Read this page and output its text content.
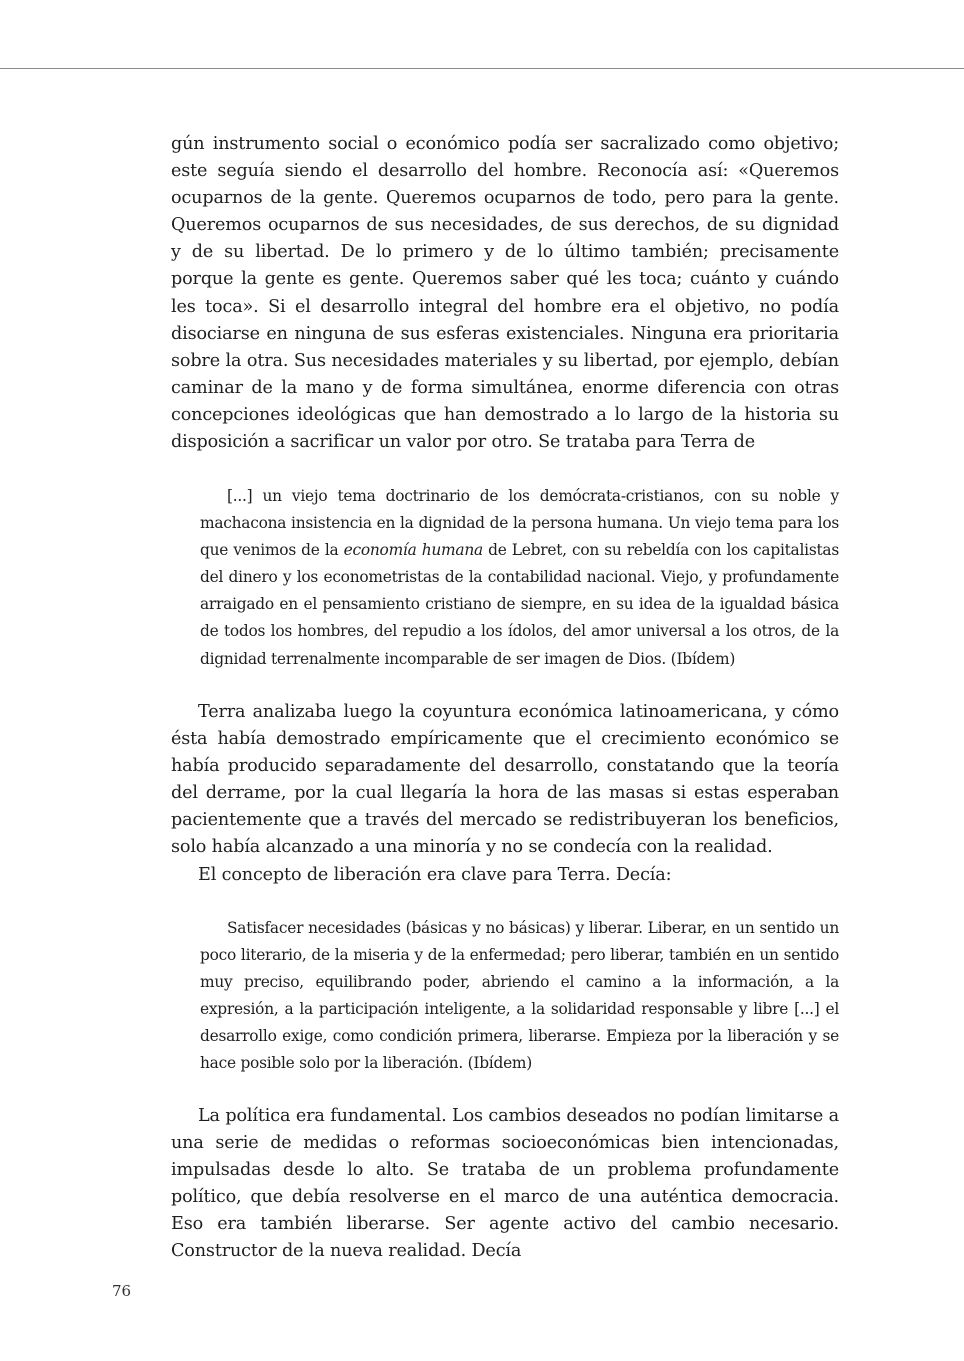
gún instrumento social o económico podía ser sacralizado como objetivo; este seguía siendo el desarrollo del hombre. Reconocía así: «Queremos ocuparnos de la gente. Queremos ocuparnos de todo, pero para la gente. Queremos ocuparnos de sus necesidades, de sus derechos, de su dignidad y de su libertad. De lo primero y de lo último también; precisamente porque la gente es gente. Queremos saber qué les toca; cuánto y cuándo les toca». Si el desarrollo integral del hombre era el objetivo, no podía disociarse en ninguna de sus esferas existenciales. Ninguna era prioritaria sobre la otra. Sus necesidades materiales y su libertad, por ejemplo, debían caminar de la mano y de forma simultánea, enorme diferencia con otras concepciones ideológicas que han demostrado a lo largo de la historia su disposición a sacrificar un valor por otro. Se trataba para Terra de

[...] un viejo tema doctrinario de los demócrata-cristianos, con su noble y machacona insistencia en la dignidad de la persona humana. Un viejo tema para los que venimos de la economía humana de Lebret, con su rebeldía con los capitalistas del dinero y los econometristas de la contabilidad nacional. Viejo, y profundamente arraigado en el pensamiento cristiano de siempre, en su idea de la igualdad básica de todos los hombres, del repudio a los ídolos, del amor universal a los otros, de la dignidad terrenalmente incomparable de ser imagen de Dios. (Ibídem)

Terra analizaba luego la coyuntura económica latinoamericana, y cómo ésta había demostrado empíricamente que el crecimiento económico se había producido separadamente del desarrollo, constatando que la teoría del derrame, por la cual llegaría la hora de las masas si estas esperaban pacientemente que a través del mercado se redistribuyeran los beneficios, solo había alcanzado a una minoría y no se condecía con la realidad.

El concepto de liberación era clave para Terra. Decía:

Satisfacer necesidades (básicas y no básicas) y liberar. Liberar, en un sentido un poco literario, de la miseria y de la enfermedad; pero liberar, también en un sentido muy preciso, equilibrando poder, abriendo el camino a la información, a la expresión, a la participación inteligente, a la solidaridad responsable y libre [...] el desarrollo exige, como condición primera, liberarse. Empieza por la liberación y se hace posible solo por la liberación. (Ibídem)

La política era fundamental. Los cambios deseados no podían limitarse a una serie de medidas o reformas socioeconómicas bien intencionadas, impulsadas desde lo alto. Se trataba de un problema profundamente político, que debía resolverse en el marco de una auténtica democracia. Eso era también liberarse. Ser agente activo del cambio necesario. Constructor de la nueva realidad. Decía

76
